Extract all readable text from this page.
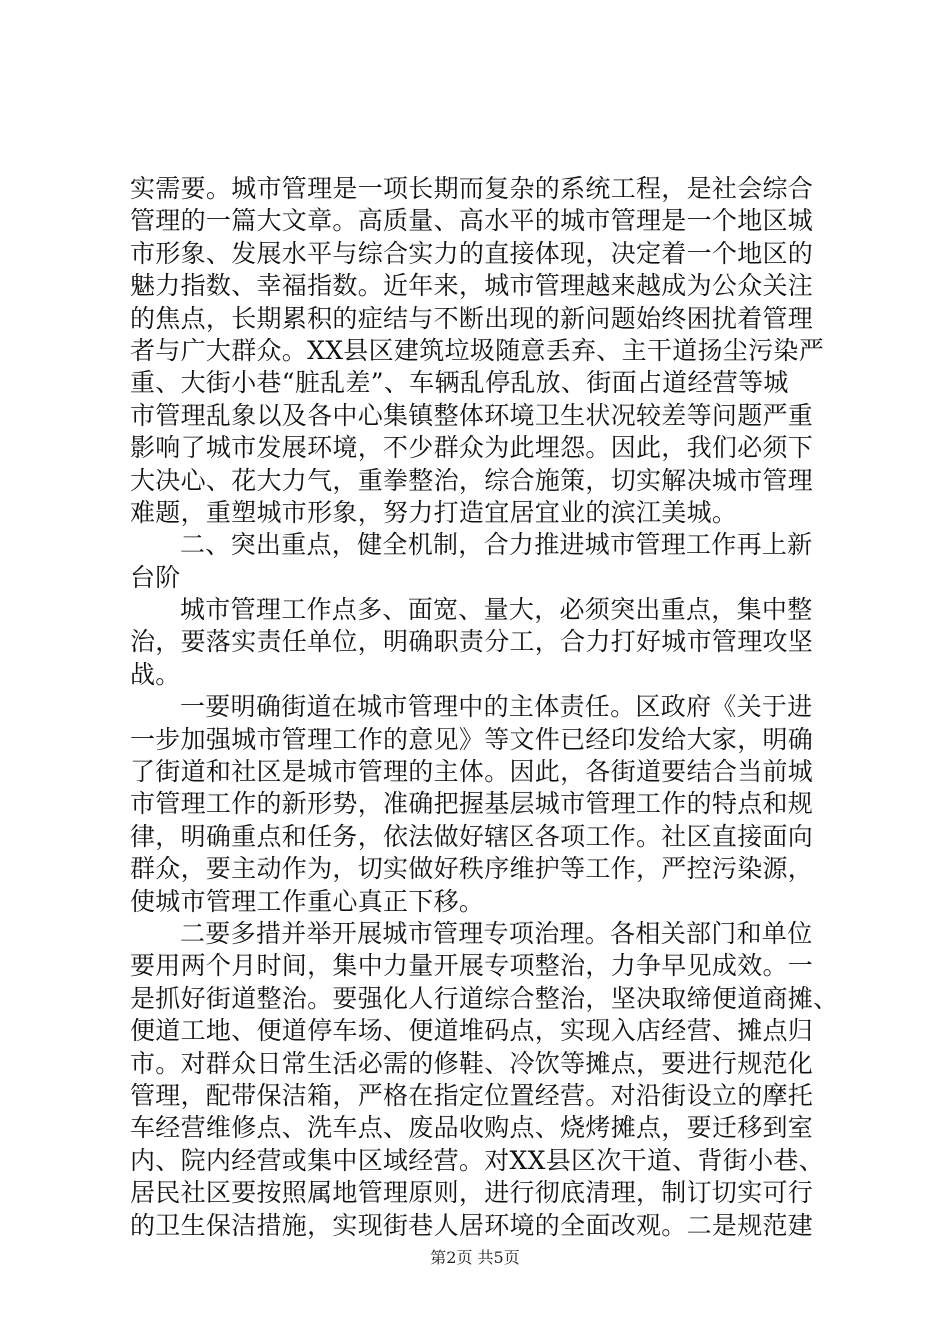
实需要。城市管理是一项长期而复杂的系统工程，是社会综合
管理的一篇大文章。高质量、高水平的城市管理是一个地区城
市形象、发展水平与综合实力的直接体现，决定着一个地区的
魅力指数、幸福指数。近年来，城市管理越来越成为公众关注
的焦点，长期累积的症结与不断出现的新问题始终困扰着管理
者与广大群众。XX县区建筑垃圾随意丢弃、主干道扬尘污染严
重、大街小巷“脏乱差”、车辆乱停乱放、街面占道经营等城
市管理乱象以及各中心集镇整体环境卫生状况较差等问题严重
影响了城市发展环境，不少群众为此埋怨。因此，我们必须下
大决心、花大力气，重拳整治，综合施策，切实解决城市管理
难题，重塑城市形象，努力打造宜居宜业的滨江美城。
二、突出重点，健全机制，合力推进城市管理工作再上新
台阶
城市管理工作点多、面宽、量大，必须突出重点，集中整
治，要落实责任单位，明确职责分工，合力打好城市管理攻坚
战。
一要明确街道在城市管理中的主体责任。区政府《关于进
一步加强城市管理工作的意见》等文件已经印发给大家，明确
了街道和社区是城市管理的主体。因此，各街道要结合当前城
市管理工作的新形势，准确把握基层城市管理工作的特点和规
律，明确重点和任务，依法做好辖区各项工作。社区直接面向
群众，要主动作为，切实做好秩序维护等工作，严控污染源，
使城市管理工作重心真正下移。
二要多措并举开展城市管理专项治理。各相关部门和单位
要用两个月时间，集中力量开展专项整治，力争早见成效。一
是抓好街道整治。要强化人行道综合整治，坚决取缔便道商摊、
便道工地、便道停车场、便道堆码点，实现入店经营、摊点归
市。对群众日常生活必需的修鞋、冷饮等摊点，要进行规范化
管理，配带保洁箱，严格在指定位置经营。对沿街设立的摩托
车经营维修点、洗车点、废品收购点、烧烤摊点，要迁移到室
内、院内经营或集中区域经营。对XX县区次干道、背街小巷、
居民社区要按照属地管理原则，进行彻底清理，制订切实可行
的卫生保洁措施，实现街巷人居环境的全面改观。二是规范建
第2页 共5页
